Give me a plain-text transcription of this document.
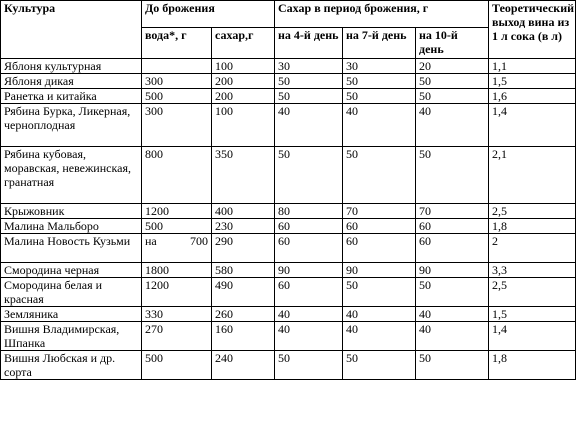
Культура	До брожения		Сахар в период брожения, г			Теоретический выход вина из 1 л сока (в л)
	вода*, г	сахар,г	на 4-й день	на 7-й день	на 10-й день	
Яблоня культурная		100	30	30	20	1,1
Яблоня дикая	300	200	50	50	50	1,5
Ранетка и китайка	500	200	50	50	50	1,6
Рябина Бурка, Ликерная, черноплодная	300	100	40	40	40	1,4
Рябина кубовая, моравская, невежинская, гранатная	800	350	50	50	50	2,1
Крыжовник	1200	400	80	70	70	2,5
Малина Мальборо	500	230	60	60	60	1,8
Малина Новость Кузьми	на 700	290	60	60	60	2
Смородина черная	1800	580	90	90	90	3,3
Смородина белая и красная	1200	490	60	50	50	2,5
Земляника	330	260	40	40	40	1,5
Вишня Владимирская, Шпанка	270	160	40	40	40	1,4
Вишня Любская и др. сорта	500	240	50	50	50	1,8
